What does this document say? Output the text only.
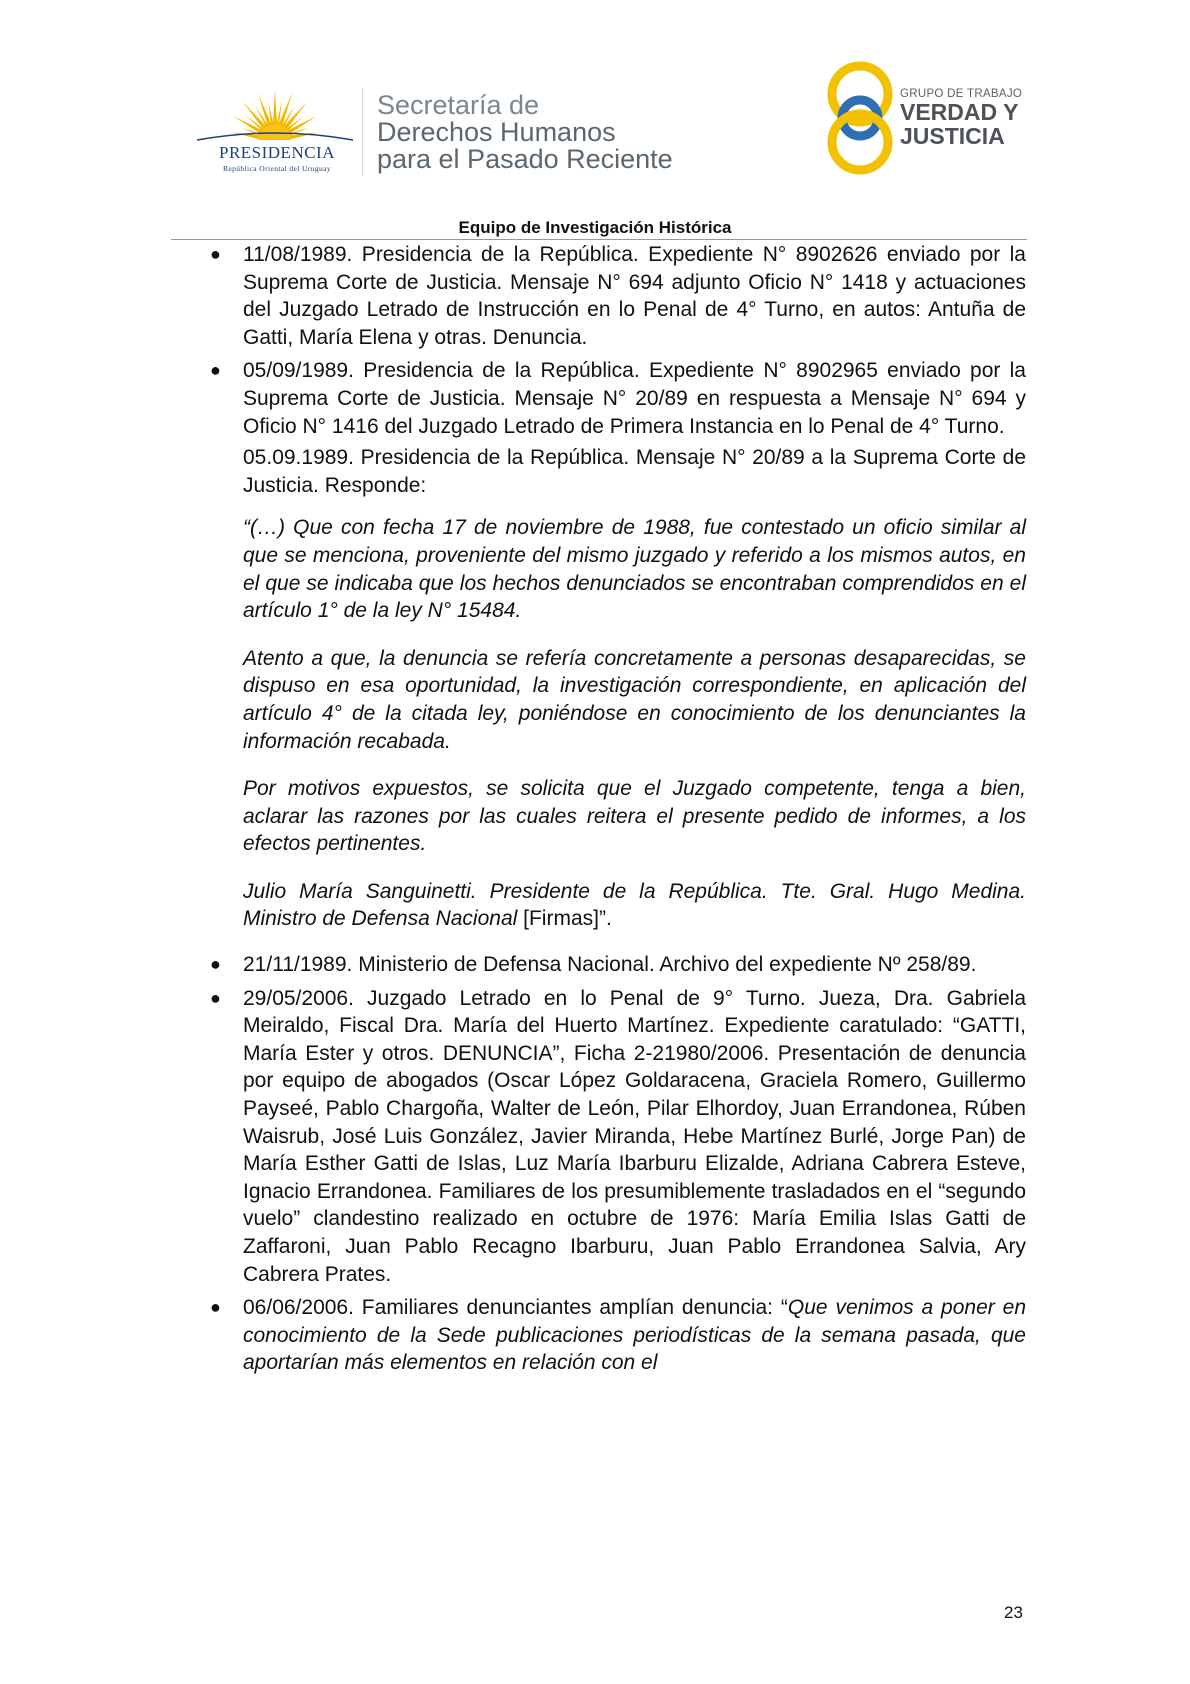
PRESIDENCIA
República Oriental del Uruguay
Secretaría de
Derechos Humanos
para el Pasado Reciente
GRUPO DE TRABAJO
VERDAD Y
JUSTICIA
Equipo de Investigación Histórica
● 11/08/1989. Presidencia de la República. Expediente N° 8902626 enviado por la Suprema Corte de Justicia. Mensaje N° 694 adjunto Oficio N° 1418 y actuaciones del Juzgado Letrado de Instrucción en lo Penal de 4° Turno, en autos: Antuña de Gatti, María Elena y otras. Denuncia.

● 05/09/1989. Presidencia de la República. Expediente N° 8902965 enviado por la Suprema Corte de Justicia. Mensaje N° 20/89 en respuesta a Mensaje N° 694 y Oficio N° 1416 del Juzgado Letrado de Primera Instancia en lo Penal de 4° Turno.

05.09.1989. Presidencia de la República. Mensaje N° 20/89 a la Suprema Corte de Justicia. Responde:

“(…) Que con fecha 17 de noviembre de 1988, fue contestado un oficio similar al que se menciona, proveniente del mismo juzgado y referido a los mismos autos, en el que se indicaba que los hechos denunciados se encontraban comprendidos en el artículo 1° de la ley N° 15484.

Atento a que, la denuncia se refería concretamente a personas desaparecidas, se dispuso en esa oportunidad, la investigación correspondiente, en aplicación del artículo 4° de la citada ley, poniéndose en conocimiento de los denunciantes la información recabada.

Por motivos expuestos, se solicita que el Juzgado competente, tenga a bien, aclarar las razones por las cuales reitera el presente pedido de informes, a los efectos pertinentes.

Julio María Sanguinetti. Presidente de la República. Tte. Gral. Hugo Medina. Ministro de Defensa Nacional [Firmas]”.

● 21/11/1989. Ministerio de Defensa Nacional. Archivo del expediente Nº 258/89.

● 29/05/2006. Juzgado Letrado en lo Penal de 9° Turno. Jueza, Dra. Gabriela Meiraldo, Fiscal Dra. María del Huerto Martínez. Expediente caratulado: “GATTI, María Ester y otros. DENUNCIA”, Ficha 2-21980/2006. Presentación de denuncia por equipo de abogados (Oscar López Goldaracena, Graciela Romero, Guillermo Payseé, Pablo Chargoña, Walter de León, Pilar Elhordoy, Juan Errandonea, Rúben Waisrub, José Luis González, Javier Miranda, Hebe Martínez Burlé, Jorge Pan) de María Esther Gatti de Islas, Luz María Ibarburu Elizalde, Adriana Cabrera Esteve, Ignacio Errandonea. Familiares de los presumiblemente trasladados en el “segundo vuelo” clandestino realizado en octubre de 1976: María Emilia Islas Gatti de Zaffaroni, Juan Pablo Recagno Ibarburu, Juan Pablo Errandonea Salvia, Ary Cabrera Prates.

● 06/06/2006. Familiares denunciantes amplían denuncia: “Que venimos a poner en conocimiento de la Sede publicaciones periodísticas de la semana pasada, que aportarían más elementos en relación con el

23
